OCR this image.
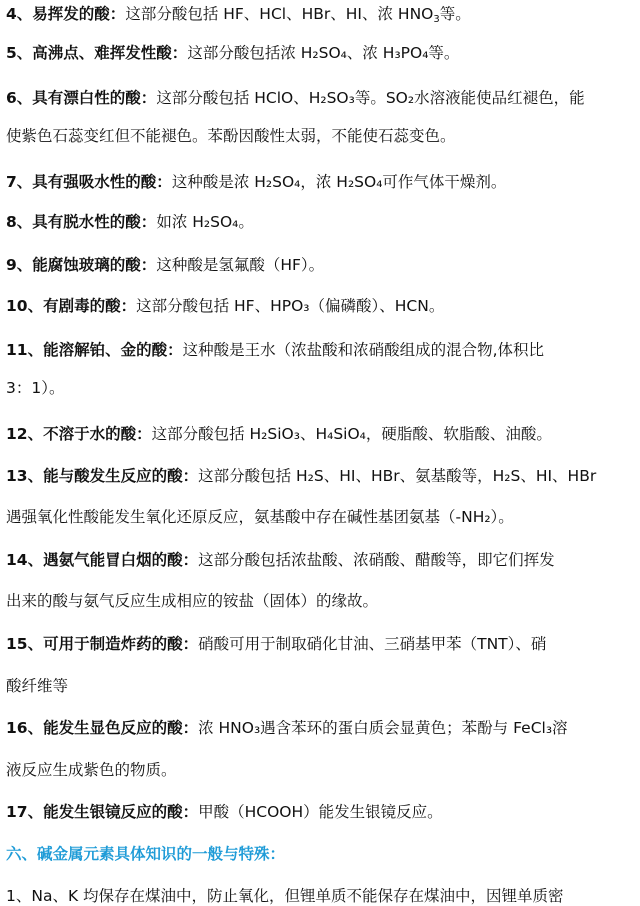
4、易挥发的酸：这部分酸包括 HF、HCl、HBr、HI、浓 $HNO_3$等。
5、高沸点、难挥发性酸：这部分酸包括浓 H₂SO₄、浓 H₃PO₄等。
6、具有漂白性的酸：这部分酸包括 HClO、H₂SO₃等。SO₂水溶液能使品红褪色，能
使紫色石蕊变红但不能褪色。苯酚因酸性太弱，不能使石蕊变色。
7、具有强吸水性的酸：这种酸是浓 H₂SO₄，浓 H₂SO₄可作气体干燥剂。
8、具有脱水性的酸：如浓 H₂SO₄。
9、能腐蚀玻璃的酸：这种酸是氢氟酸（HF）。
10、有剧毒的酸：这部分酸包括 HF、HPO₃（偏磷酸）、HCN。
11、能溶解铂、金的酸：这种酸是王水（浓盐酸和浓硝酸组成的混合物,体积比
3：1）。
12、不溶于水的酸：这部分酸包括 H₂SiO₃、H₄SiO₄，硬脂酸、软脂酸、油酸。
13、能与酸发生反应的酸：这部分酸包括 H₂S、HI、HBr、氨基酸等，H₂S、HI、HBr
遇强氧化性酸能发生氧化还原反应，氨基酸中存在碱性基团氨基（-NH₂）。
14、遇氨气能冒白烟的酸：这部分酸包括浓盐酸、浓硝酸、醋酸等，即它们挥发
出来的酸与氨气反应生成相应的铵盐（固体）的缘故。
15、可用于制造炸药的酸：硝酸可用于制取硝化甘油、三硝基甲苯（TNT）、硝
酸纤维等
16、能发生显色反应的酸：浓 HNO₃遇含苯环的蛋白质会显黄色；苯酚与 FeCl₃溶
液反应生成紫色的物质。
17、能发生银镜反应的酸：甲酸（HCOOH）能发生银镜反应。
六、碱金属元素具体知识的一般与特殊：
1、Na、K 均保存在煤油中，防止氧化，但锂单质不能保存在煤油中，因锂单质密
